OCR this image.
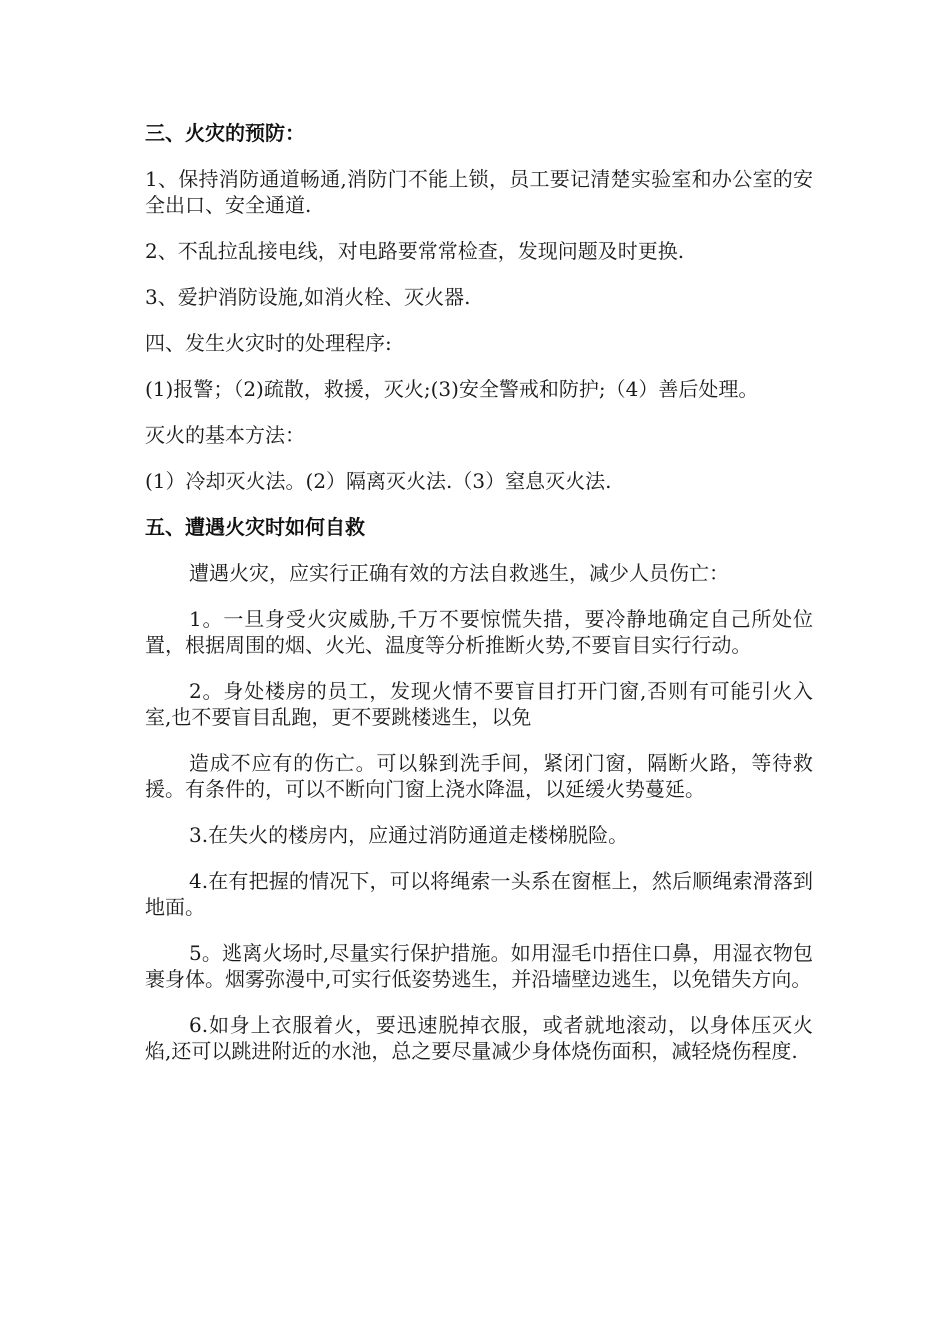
三、火灾的预防：

1、保持消防通道畅通,消防门不能上锁，员工要记清楚实验室和办公室的安全出口、安全通道.

2、不乱拉乱接电线，对电路要常常检查，发现问题及时更换.

3、爱护消防设施,如消火栓、灭火器.

四、发生火灾时的处理程序:

(1)报警；（2)疏散，救援，灭火;(3)安全警戒和防护;（4）善后处理。

灭火的基本方法：

(1）冷却灭火法。(2）隔离灭火法.（3）窒息灭火法.

五、遭遇火灾时如何自救

遭遇火灾，应实行正确有效的方法自救逃生，减少人员伤亡：

1。一旦身受火灾威胁,千万不要惊慌失措，要冷静地确定自己所处位置，根据周围的烟、火光、温度等分析推断火势,不要盲目实行行动。

2。身处楼房的员工，发现火情不要盲目打开门窗,否则有可能引火入室,也不要盲目乱跑，更不要跳楼逃生，以免

造成不应有的伤亡。可以躲到洗手间，紧闭门窗，隔断火路，等待救援。有条件的，可以不断向门窗上浇水降温，以延缓火势蔓延。

3.在失火的楼房内，应通过消防通道走楼梯脱险。

4.在有把握的情况下，可以将绳索一头系在窗框上，然后顺绳索滑落到地面。

5。逃离火场时,尽量实行保护措施。如用湿毛巾捂住口鼻，用湿衣物包裹身体。烟雾弥漫中,可实行低姿势逃生，并沿墙壁边逃生，以免错失方向。

6.如身上衣服着火，要迅速脱掉衣服，或者就地滚动，以身体压灭火焰,还可以跳进附近的水池，总之要尽量减少身体烧伤面积，减轻烧伤程度.
